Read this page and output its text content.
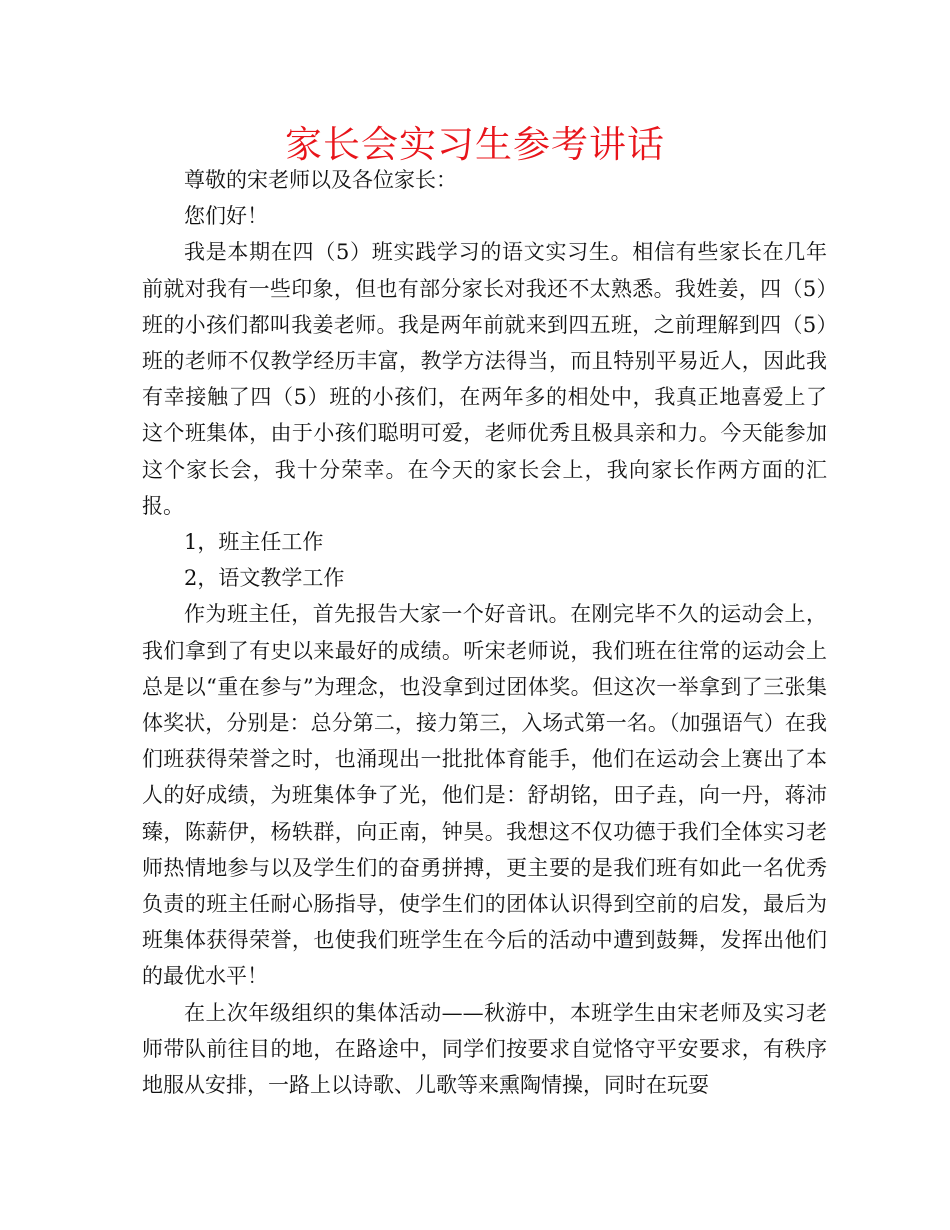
家长会实习生参考讲话

尊敬的宋老师以及各位家长：

您们好！

我是本期在四（5）班实践学习的语文实习生。相信有些家长在几年前就对我有一些印象，但也有部分家长对我还不太熟悉。我姓姜，四（5）班的小孩们都叫我姜老师。我是两年前就来到四五班，之前理解到四（5）班的老师不仅教学经历丰富，教学方法得当，而且特别平易近人，因此我有幸接触了四（5）班的小孩们，在两年多的相处中，我真正地喜爱上了这个班集体，由于小孩们聪明可爱，老师优秀且极具亲和力。今天能参加这个家长会，我十分荣幸。在今天的家长会上，我向家长作两方面的汇报。

1，班主任工作

2，语文教学工作

作为班主任，首先报告大家一个好音讯。在刚完毕不久的运动会上，我们拿到了有史以来最好的成绩。听宋老师说，我们班在往常的运动会上总是以“重在参与”为理念，也没拿到过团体奖。但这次一举拿到了三张集体奖状，分别是：总分第二，接力第三，入场式第一名。（加强语气）在我们班获得荣誉之时，也涌现出一批批体育能手，他们在运动会上赛出了本人的好成绩，为班集体争了光，他们是：舒胡铭，田子垚，向一丹，蒋沛臻，陈薪伊，杨轶群，向正南，钟昊。我想这不仅功德于我们全体实习老师热情地参与以及学生们的奋勇拼搏，更主要的是我们班有如此一名优秀负责的班主任耐心肠指导，使学生们的团体认识得到空前的启发，最后为班集体获得荣誉，也使我们班学生在今后的活动中遭到鼓舞，发挥出他们的最优水平！

在上次年级组织的集体活动——秋游中，本班学生由宋老师及实习老师带队前往目的地，在路途中，同学们按要求自觉恪守平安要求，有秩序地服从安排，一路上以诗歌、儿歌等来熏陶情操，同时在玩耍
